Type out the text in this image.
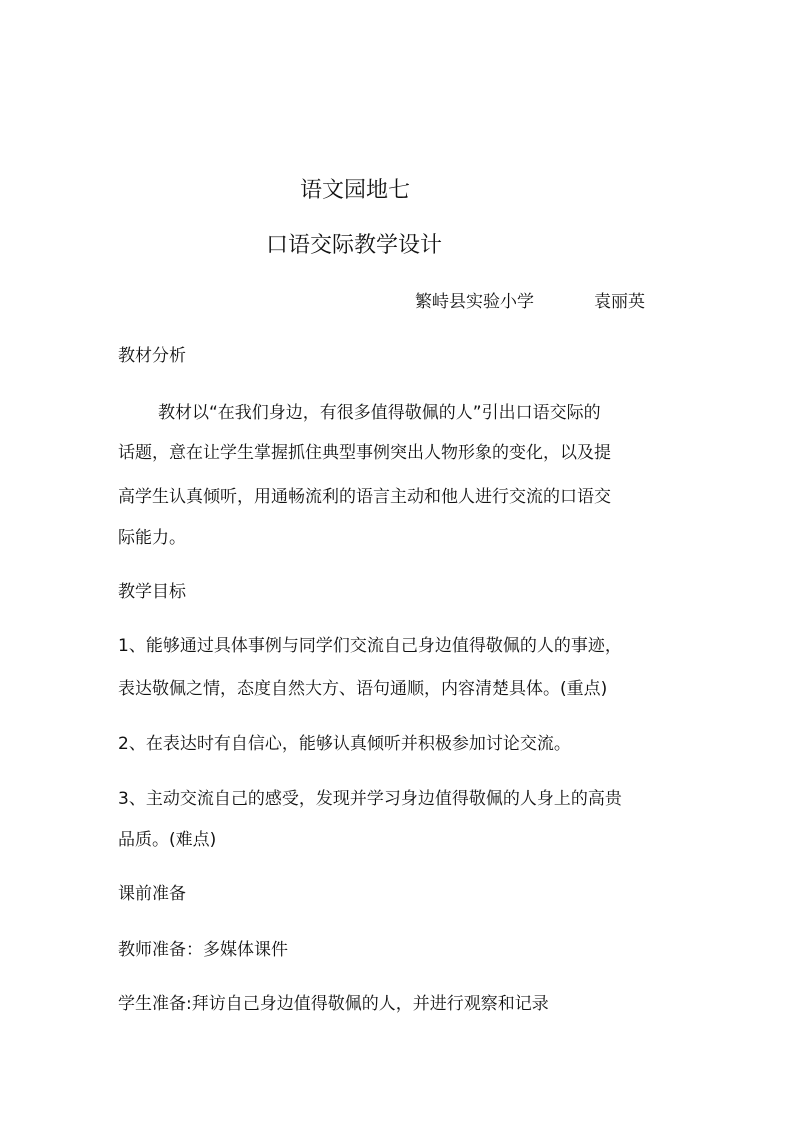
语文园地七
口语交际教学设计
繁峙县实验小学	袁丽英
教材分析
教材以“在我们身边，有很多值得敬佩的人”引出口语交际的
话题，意在让学生掌握抓住典型事例突出人物形象的变化，以及提
高学生认真倾听，用通畅流利的语言主动和他人进行交流的口语交
际能力。
教学目标
1、能够通过具体事例与同学们交流自己身边值得敬佩的人的事迹，
表达敬佩之情，态度自然大方、语句通顺，内容清楚具体。(重点)
2、在表达时有自信心，能够认真倾听并积极参加讨论交流。
3、主动交流自己的感受，发现并学习身边值得敬佩的人身上的高贵
品质。(难点)
课前准备
教师准备：多媒体课件
学生准备:拜访自己身边值得敬佩的人，并进行观察和记录
